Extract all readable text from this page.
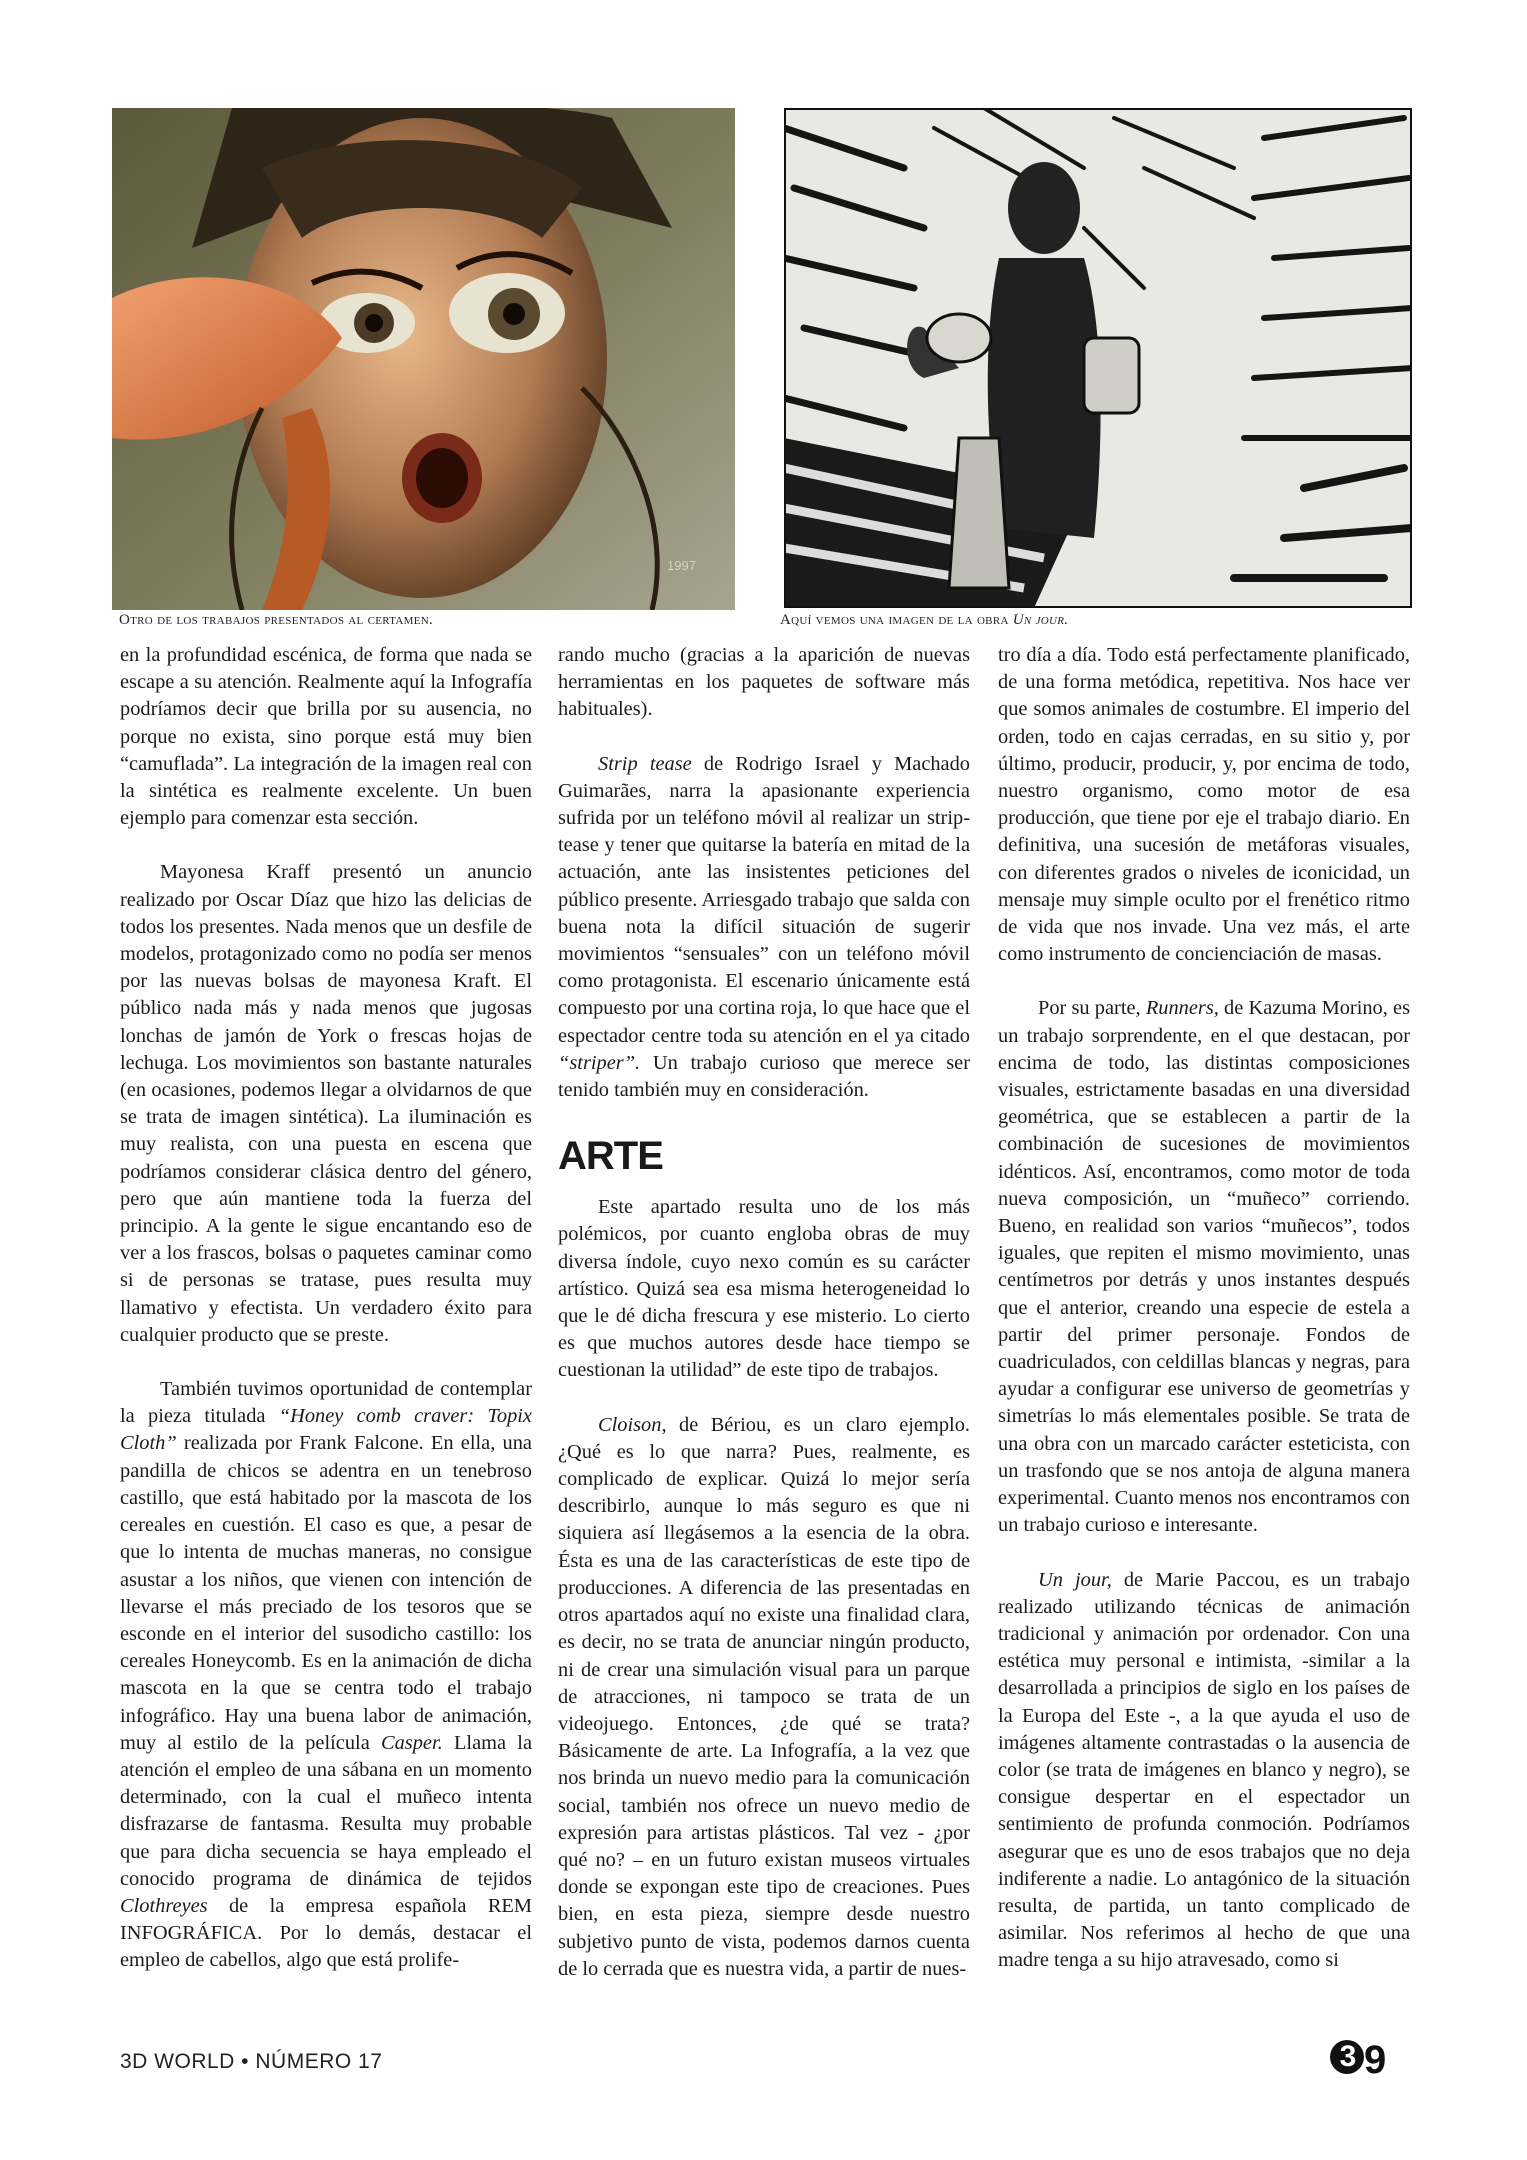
1997
Otro de los trabajos presentados al certamen.	Aquí vemos una imagen de la obra Un jour.

en la profundidad escénica, de forma que nada se escape a su atención. Realmente aquí la Infografía podríamos decir que brilla por su ausencia, no porque no exista, sino porque está muy bien “camuflada”. La integración de la imagen real con la sintética es realmente excelente. Un buen ejemplo para comenzar esta sección.

Mayonesa Kraff presentó un anuncio realizado por Oscar Díaz que hizo las delicias de todos los presentes. Nada menos que un desfile de modelos, protagonizado como no podía ser menos por las nuevas bolsas de mayonesa Kraft. El público nada más y nada menos que jugosas lonchas de jamón de York o frescas hojas de lechuga. Los movimientos son bastante naturales (en ocasiones, podemos llegar a olvidarnos de que se trata de imagen sintética). La iluminación es muy realista, con una puesta en escena que podríamos considerar clásica dentro del género, pero que aún mantiene toda la fuerza del principio. A la gente le sigue encantando eso de ver a los frascos, bolsas o paquetes caminar como si de personas se tratase, pues resulta muy llamativo y efectista. Un verdadero éxito para cualquier producto que se preste.

También tuvimos oportunidad de contemplar la pieza titulada “Honey comb craver: Topix Cloth” realizada por Frank Falcone. En ella, una pandilla de chicos se adentra en un tenebroso castillo, que está habitado por la mascota de los cereales en cuestión. El caso es que, a pesar de que lo intenta de muchas maneras, no consigue asustar a los niños, que vienen con intención de llevarse el más preciado de los tesoros que se esconde en el interior del susodicho castillo: los cereales Honeycomb. Es en la animación de dicha mascota en la que se centra todo el trabajo infográfico. Hay una buena labor de animación, muy al estilo de la película Casper. Llama la atención el empleo de una sábana en un momento determinado, con la cual el muñeco intenta disfrazarse de fantasma. Resulta muy probable que para dicha secuencia se haya empleado el conocido programa de dinámica de tejidos Clothreyes de la empresa española REM INFOGRÁFICA. Por lo demás, destacar el empleo de cabellos, algo que está prolife-

rando mucho (gracias a la aparición de nuevas herramientas en los paquetes de software más habituales).

Strip tease de Rodrigo Israel y Machado Guimarães, narra la apasionante experiencia sufrida por un teléfono móvil al realizar un strip-tease y tener que quitarse la batería en mitad de la actuación, ante las insistentes peticiones del público presente. Arriesgado trabajo que salda con buena nota la difícil situación de sugerir movimientos “sensuales” con un teléfono móvil como protagonista. El escenario únicamente está compuesto por una cortina roja, lo que hace que el espectador centre toda su atención en el ya citado “striper”. Un trabajo curioso que merece ser tenido también muy en consideración.

ARTE

Este apartado resulta uno de los más polémicos, por cuanto engloba obras de muy diversa índole, cuyo nexo común es su carácter artístico. Quizá sea esa misma heterogeneidad lo que le dé dicha frescura y ese misterio. Lo cierto es que muchos autores desde hace tiempo se cuestionan la utilidad” de este tipo de trabajos.

Cloison, de Bériou, es un claro ejemplo. ¿Qué es lo que narra? Pues, realmente, es complicado de explicar. Quizá lo mejor sería describirlo, aunque lo más seguro es que ni siquiera así llegásemos a la esencia de la obra. Ésta es una de las características de este tipo de producciones. A diferencia de las presentadas en otros apartados aquí no existe una finalidad clara, es decir, no se trata de anunciar ningún producto, ni de crear una simulación visual para un parque de atracciones, ni tampoco se trata de un videojuego. Entonces, ¿de qué se trata? Básicamente de arte. La Infografía, a la vez que nos brinda un nuevo medio para la comunicación social, también nos ofrece un nuevo medio de expresión para artistas plásticos. Tal vez - ¿por qué no? – en un futuro existan museos virtuales donde se expongan este tipo de creaciones. Pues bien, en esta pieza, siempre desde nuestro subjetivo punto de vista, podemos darnos cuenta de lo cerrada que es nuestra vida, a partir de nues-

tro día a día. Todo está perfectamente planificado, de una forma metódica, repetitiva. Nos hace ver que somos animales de costumbre. El imperio del orden, todo en cajas cerradas, en su sitio y, por último, producir, producir, y, por encima de todo, nuestro organismo, como motor de esa producción, que tiene por eje el trabajo diario. En definitiva, una sucesión de metáforas visuales, con diferentes grados o niveles de iconicidad, un mensaje muy simple oculto por el frenético ritmo de vida que nos invade. Una vez más, el arte como instrumento de concienciación de masas.

Por su parte, Runners, de Kazuma Morino, es un trabajo sorprendente, en el que destacan, por encima de todo, las distintas composiciones visuales, estrictamente basadas en una diversidad geométrica, que se establecen a partir de la combinación de sucesiones de movimientos idénticos. Así, encontramos, como motor de toda nueva composición, un “muñeco” corriendo. Bueno, en realidad son varios “muñecos”, todos iguales, que repiten el mismo movimiento, unas centímetros por detrás y unos instantes después que el anterior, creando una especie de estela a partir del primer personaje. Fondos de cuadriculados, con celdillas blancas y negras, para ayudar a configurar ese universo de geometrías y simetrías lo más elementales posible. Se trata de una obra con un marcado carácter esteticista, con un trasfondo que se nos antoja de alguna manera experimental. Cuanto menos nos encontramos con un trabajo curioso e interesante.

Un jour, de Marie Paccou, es un trabajo realizado utilizando técnicas de animación tradicional y animación por ordenador. Con una estética muy personal e intimista, -similar a la desarrollada a principios de siglo en los países de la Europa del Este -, a la que ayuda el uso de imágenes altamente contrastadas o la ausencia de color (se trata de imágenes en blanco y negro), se consigue despertar en el espectador un sentimiento de profunda conmoción. Podríamos asegurar que es uno de esos trabajos que no deja indiferente a nadie. Lo antagónico de la situación resulta, de partida, un tanto complicado de asimilar. Nos referimos al hecho de que una madre tenga a su hijo atravesado, como si

3D WORLD • NÚMERO 17	3 9
